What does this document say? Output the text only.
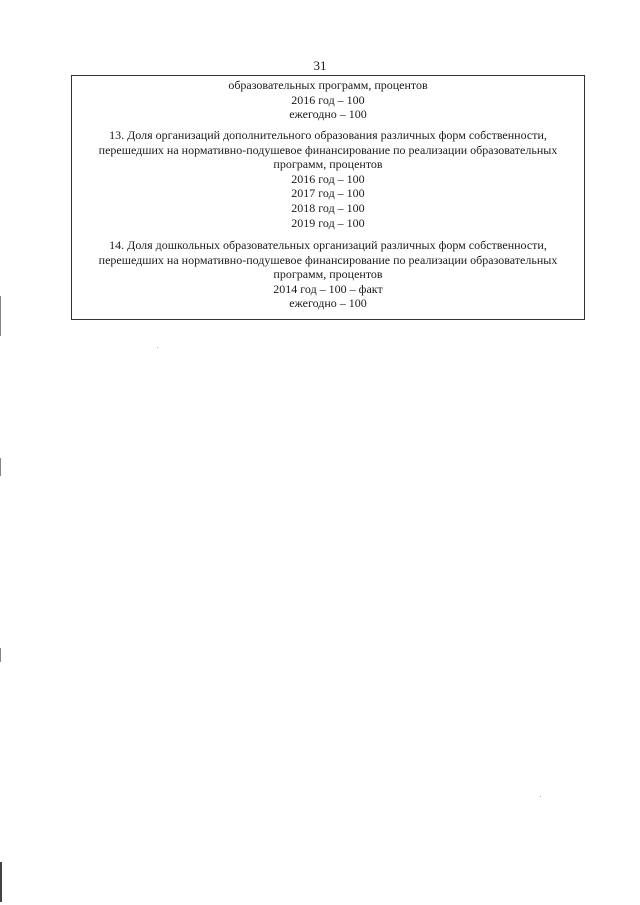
31
образовательных программ, процентов
2016 год – 100
ежегодно – 100
13. Доля организаций дополнительного образования различных форм собственности,
перешедших на нормативно-подушевое финансирование по реализации образовательных
программ, процентов
2016 год – 100
2017 год – 100
2018 год – 100
2019 год – 100
14. Доля дошкольных образовательных организаций различных форм собственности,
перешедших на нормативно-подушевое финансирование по реализации образовательных
программ, процентов
2014 год – 100 – факт
ежегодно – 100
